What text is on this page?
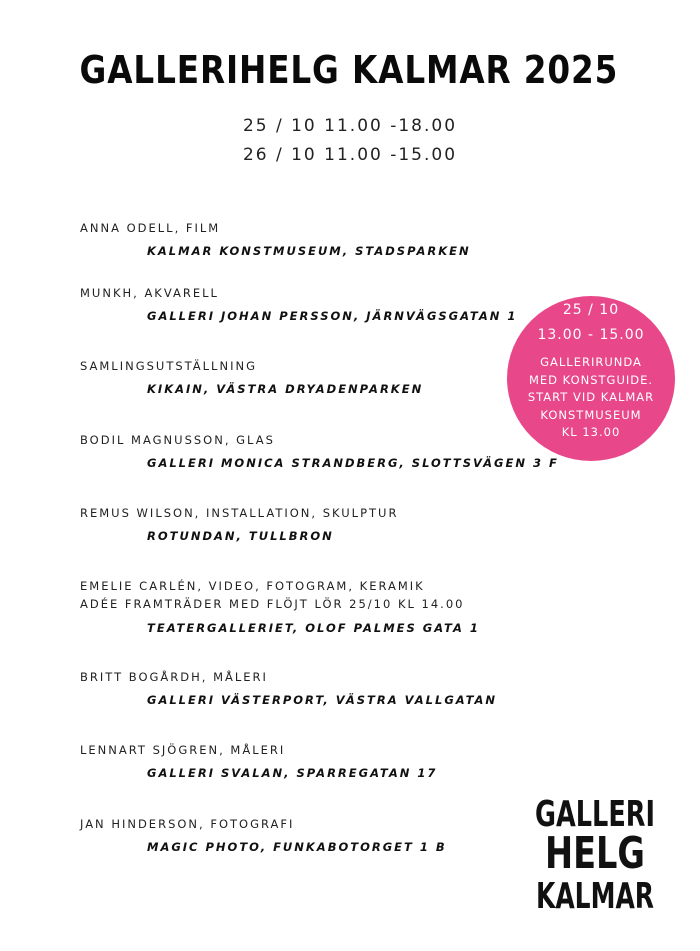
GALLERIHELG KALMAR 2025
25 / 10 11.00 -18.00
26 / 10 11.00 -15.00
ANNA ODELL, FILM
KALMAR KONSTMUSEUM, STADSPARKEN
MUNKH, AKVARELL
GALLERI JOHAN PERSSON, JÄRNVÄGSGATAN 1
SAMLINGSUTSTÄLLNING
KIKAIN, VÄSTRA DRYADENPARKEN
BODIL MAGNUSSON, GLAS
GALLERI MONICA STRANDBERG, SLOTTSVÄGEN 3 F
REMUS WILSON, INSTALLATION, SKULPTUR
ROTUNDAN, TULLBRON
EMELIE CARLÉN, VIDEO, FOTOGRAM, KERAMIK
ADÉE FRAMTRÄDER MED FLÖJT LÖR 25/10 KL 14.00
TEATERGALLERIET, OLOF PALMES GATA 1
BRITT BOGÅRDH, MÅLERI
GALLERI VÄSTERPORT, VÄSTRA VALLGATAN
LENNART SJÖGREN, MÅLERI
GALLERI SVALAN, SPARREGATAN 17
JAN HINDERSON, FOTOGRAFI
MAGIC PHOTO, FUNKABOTORGET 1 B
25 / 10
13.00 - 15.00
GALLERIRUNDA
MED KONSTGUIDE.
START VID KALMAR
KONSTMUSEUM
KL 13.00
GALLERI
HELG
KALMAR
